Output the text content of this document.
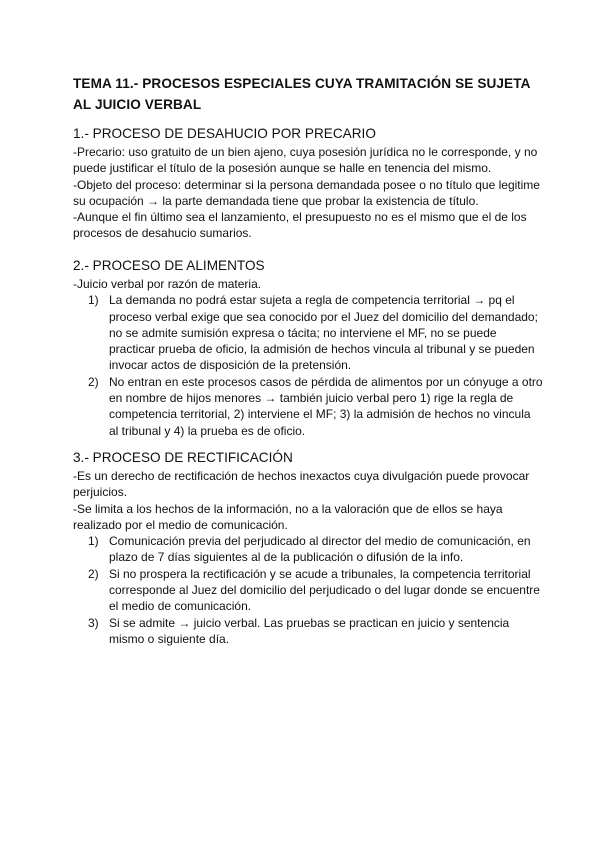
TEMA 11.- PROCESOS ESPECIALES CUYA TRAMITACIÓN SE SUJETA AL JUICIO VERBAL
1.- PROCESO DE DESAHUCIO POR PRECARIO

-Precario: uso gratuito de un bien ajeno, cuya posesión jurídica no le corresponde, y no puede justificar el título de la posesión aunque se halle en tenencia del mismo.

-Objeto del proceso: determinar si la persona demandada posee o no título que legitime su ocupación → la parte demandada tiene que probar la existencia de título.

-Aunque el fin último sea el lanzamiento, el presupuesto no es el mismo que el de los procesos de desahucio sumarios.

2.- PROCESO DE ALIMENTOS

-Juicio verbal por razón de materia.

1) La demanda no podrá estar sujeta a regla de competencia territorial → pq el proceso verbal exige que sea conocido por el Juez del domicilio del demandado; no se admite sumisión expresa o tácita; no interviene el MF, no se puede practicar prueba de oficio, la admisión de hechos vincula al tribunal y se pueden invocar actos de disposición de la pretensión.
2) No entran en este procesos casos de pérdida de alimentos por un cónyuge a otro en nombre de hijos menores → también juicio verbal pero 1) rige la regla de competencia territorial, 2) interviene el MF; 3) la admisión de hechos no vincula al tribunal y 4) la prueba es de oficio.
3.- PROCESO DE RECTIFICACIÓN

-Es un derecho de rectificación de hechos inexactos cuya divulgación puede provocar perjuicios.

-Se limita a los hechos de la información, no a la valoración que de ellos se haya realizado por el medio de comunicación.

1) Comunicación previa del perjudicado al director del medio de comunicación, en plazo de 7 días siguientes al de la publicación o difusión de la info.
2) Si no prospera la rectificación y se acude a tribunales, la competencia territorial corresponde al Juez del domicilio del perjudicado o del lugar donde se encuentre el medio de comunicación.
3) Si se admite → juicio verbal. Las pruebas se practican en juicio y sentencia mismo o siguiente día.
